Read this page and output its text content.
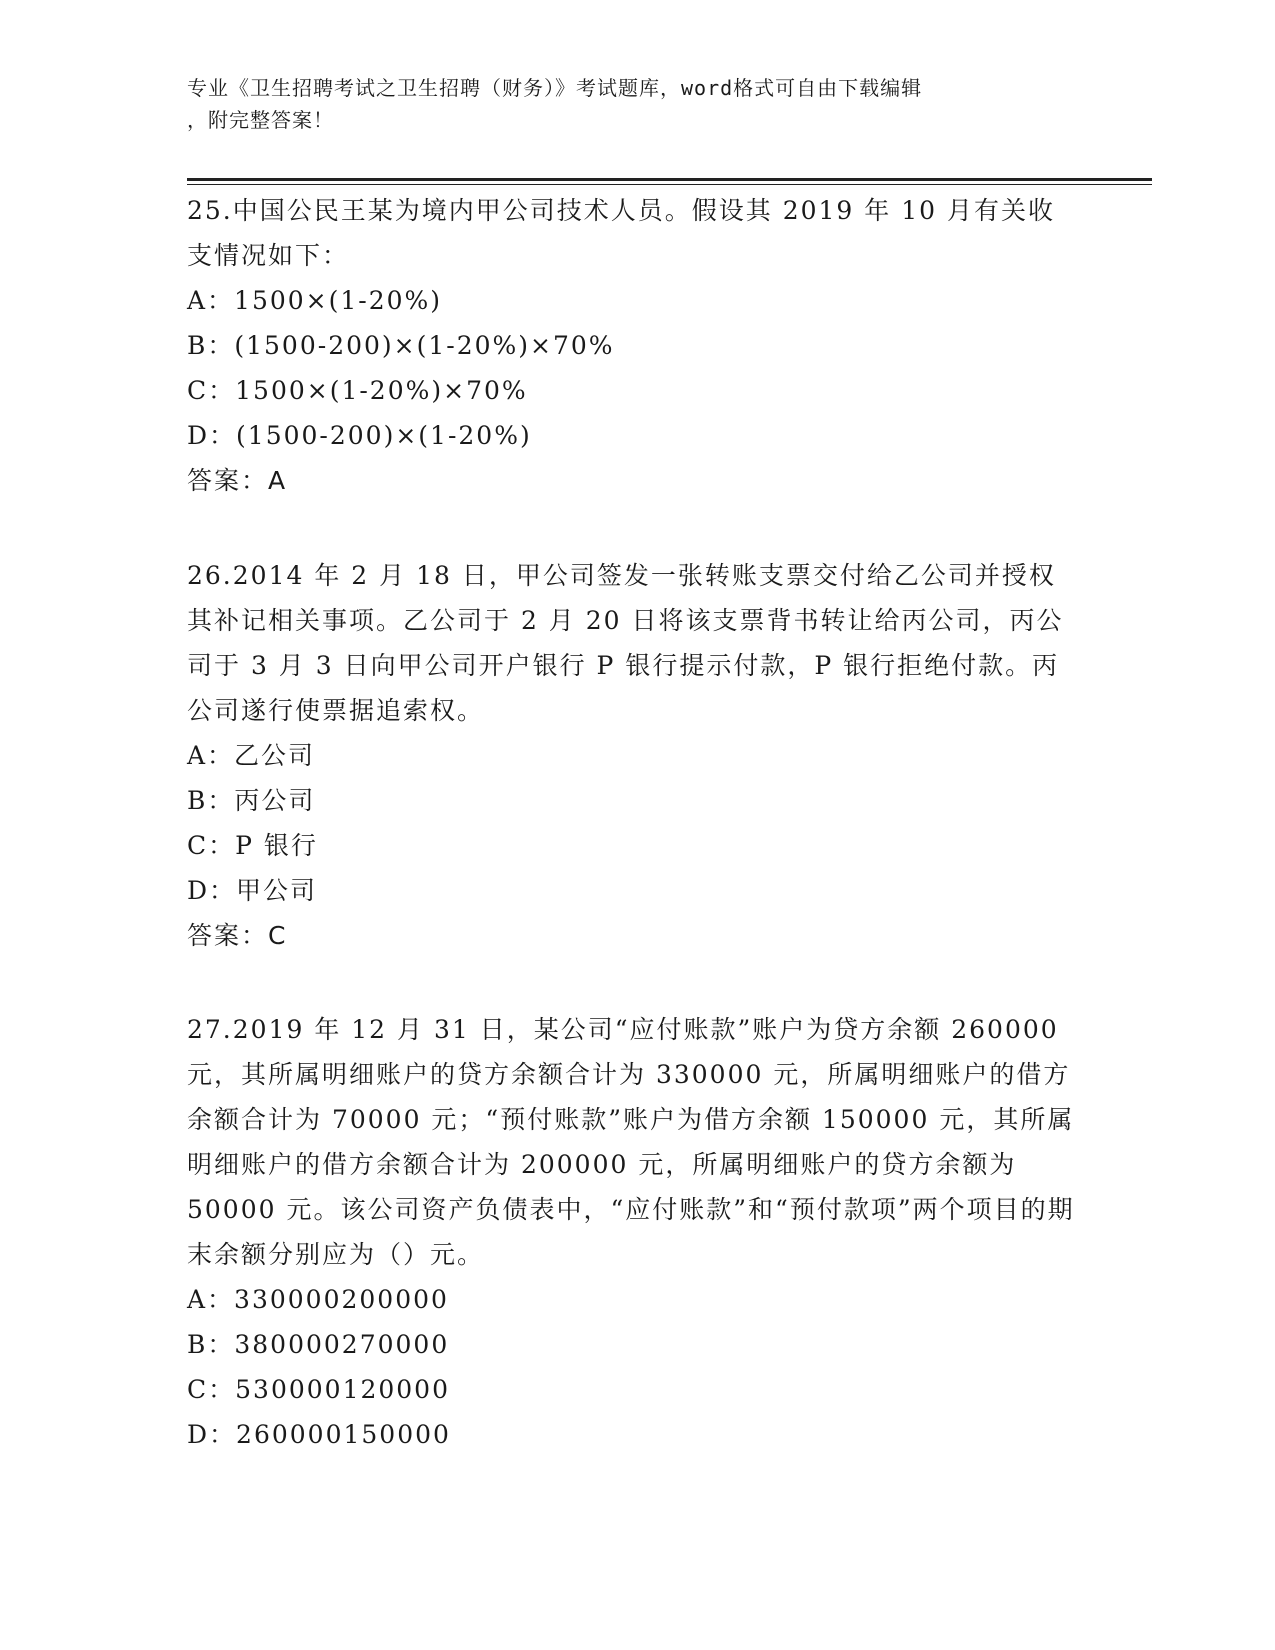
专业《卫生招聘考试之卫生招聘（财务）》考试题库，word格式可自由下载编辑
，附完整答案！

25.中国公民王某为境内甲公司技术人员。假设其 2019 年 10 月有关收支情况如下：

A：1500×(1-20%)

B：(1500-200)×(1-20%)×70%

C：1500×(1-20%)×70%

D：(1500-200)×(1-20%)

答案：A

26.2014 年 2 月 18 日，甲公司签发一张转账支票交付给乙公司并授权其补记相关事项。乙公司于 2 月 20 日将该支票背书转让给丙公司，丙公司于 3 月 3 日向甲公司开户银行 P 银行提示付款，P 银行拒绝付款。丙公司遂行使票据追索权。

A：乙公司

B：丙公司

C：P 银行

D：甲公司

答案：C

27.2019 年 12 月 31 日，某公司“应付账款”账户为贷方余额 260000 元，其所属明细账户的贷方余额合计为 330000 元，所属明细账户的借方余额合计为 70000 元；“预付账款”账户为借方余额 150000 元，其所属明细账户的借方余额合计为 200000 元，所属明细账户的贷方余额为 50000 元。该公司资产负债表中，“应付账款”和“预付款项”两个项目的期末余额分别应为（）元。

A：330000200000

B：380000270000

C：530000120000

D：260000150000
